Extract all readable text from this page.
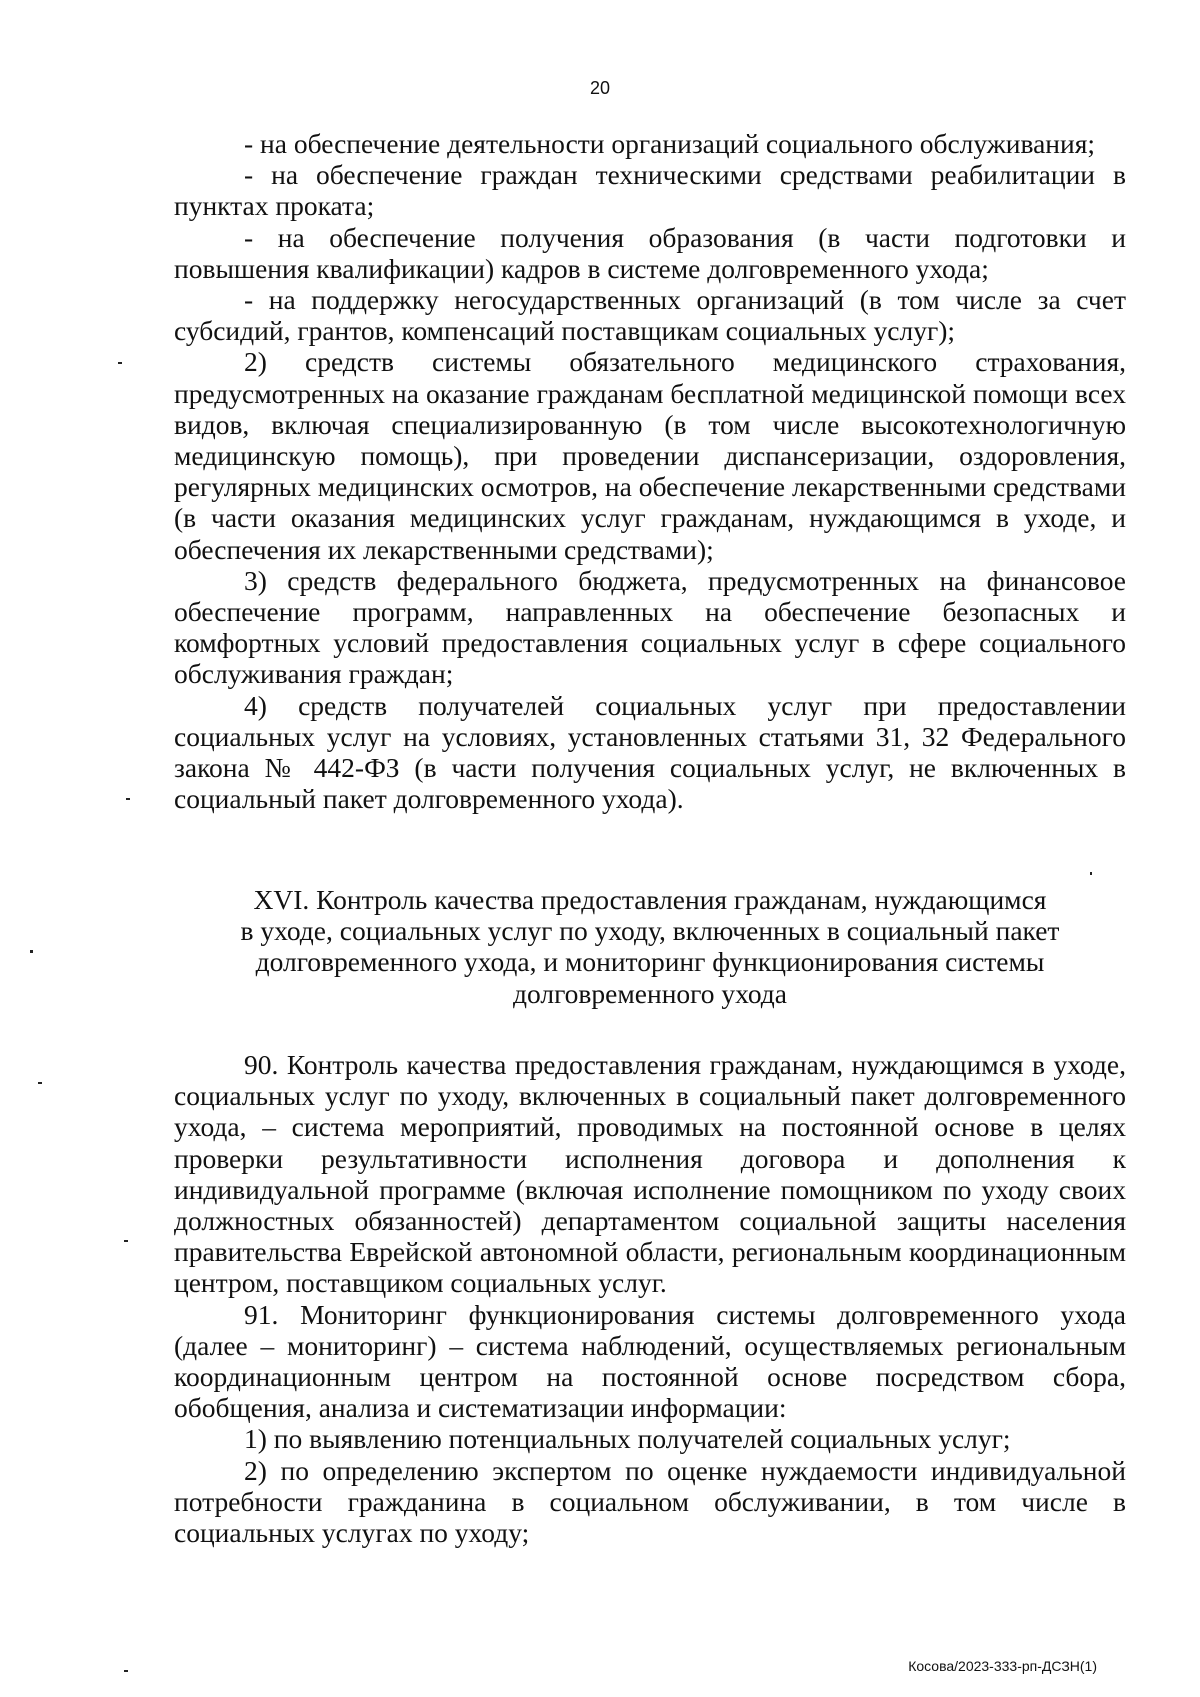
20

- на обеспечение деятельности организаций социального обслуживания;

- на обеспечение граждан техническими средствами реабилитации в пунктах проката;

- на обеспечение получения образования (в части подготовки и повышения квалификации) кадров в системе долговременного ухода;

- на поддержку негосударственных организаций (в том числе за счет субсидий, грантов, компенсаций поставщикам социальных услуг);

2) средств системы обязательного медицинского страхования, предусмотренных на оказание гражданам бесплатной медицинской помощи всех видов, включая специализированную (в том числе высокотехнологичную медицинскую помощь), при проведении диспансеризации, оздоровления, регулярных медицинских осмотров, на обеспечение лекарственными средствами (в части оказания медицинских услуг гражданам, нуждающимся в уходе, и обеспечения их лекарственными средствами);

3) средств федерального бюджета, предусмотренных на финансовое обеспечение программ, направленных на обеспечение безопасных и комфортных условий предоставления социальных услуг в сфере социального обслуживания граждан;

4) средств получателей социальных услуг при предоставлении социальных услуг на условиях, установленных статьями 31, 32 Федерального закона № 442-ФЗ (в части получения социальных услуг, не включенных в социальный пакет долговременного ухода).

XVI. Контроль качества предоставления гражданам, нуждающимся
в уходе, социальных услуг по уходу, включенных в социальный пакет
долговременного ухода, и мониторинг функционирования системы
долговременного ухода

90. Контроль качества предоставления гражданам, нуждающимся в уходе, социальных услуг по уходу, включенных в социальный пакет долговременного ухода, – система мероприятий, проводимых на постоянной основе в целях проверки результативности исполнения договора и дополнения к индивидуальной программе (включая исполнение помощником по уходу своих должностных обязанностей) департаментом социальной защиты населения правительства Еврейской автономной области, региональным координационным центром, поставщиком социальных услуг.

91. Мониторинг функционирования системы долговременного ухода (далее – мониторинг) – система наблюдений, осуществляемых региональным координационным центром на постоянной основе посредством сбора, обобщения, анализа и систематизации информации:

1) по выявлению потенциальных получателей социальных услуг;

2) по определению экспертом по оценке нуждаемости индивидуальной потребности гражданина в социальном обслуживании, в том числе в социальных услугах по уходу;

Косова/2023-333-рп-ДСЗН(1)
